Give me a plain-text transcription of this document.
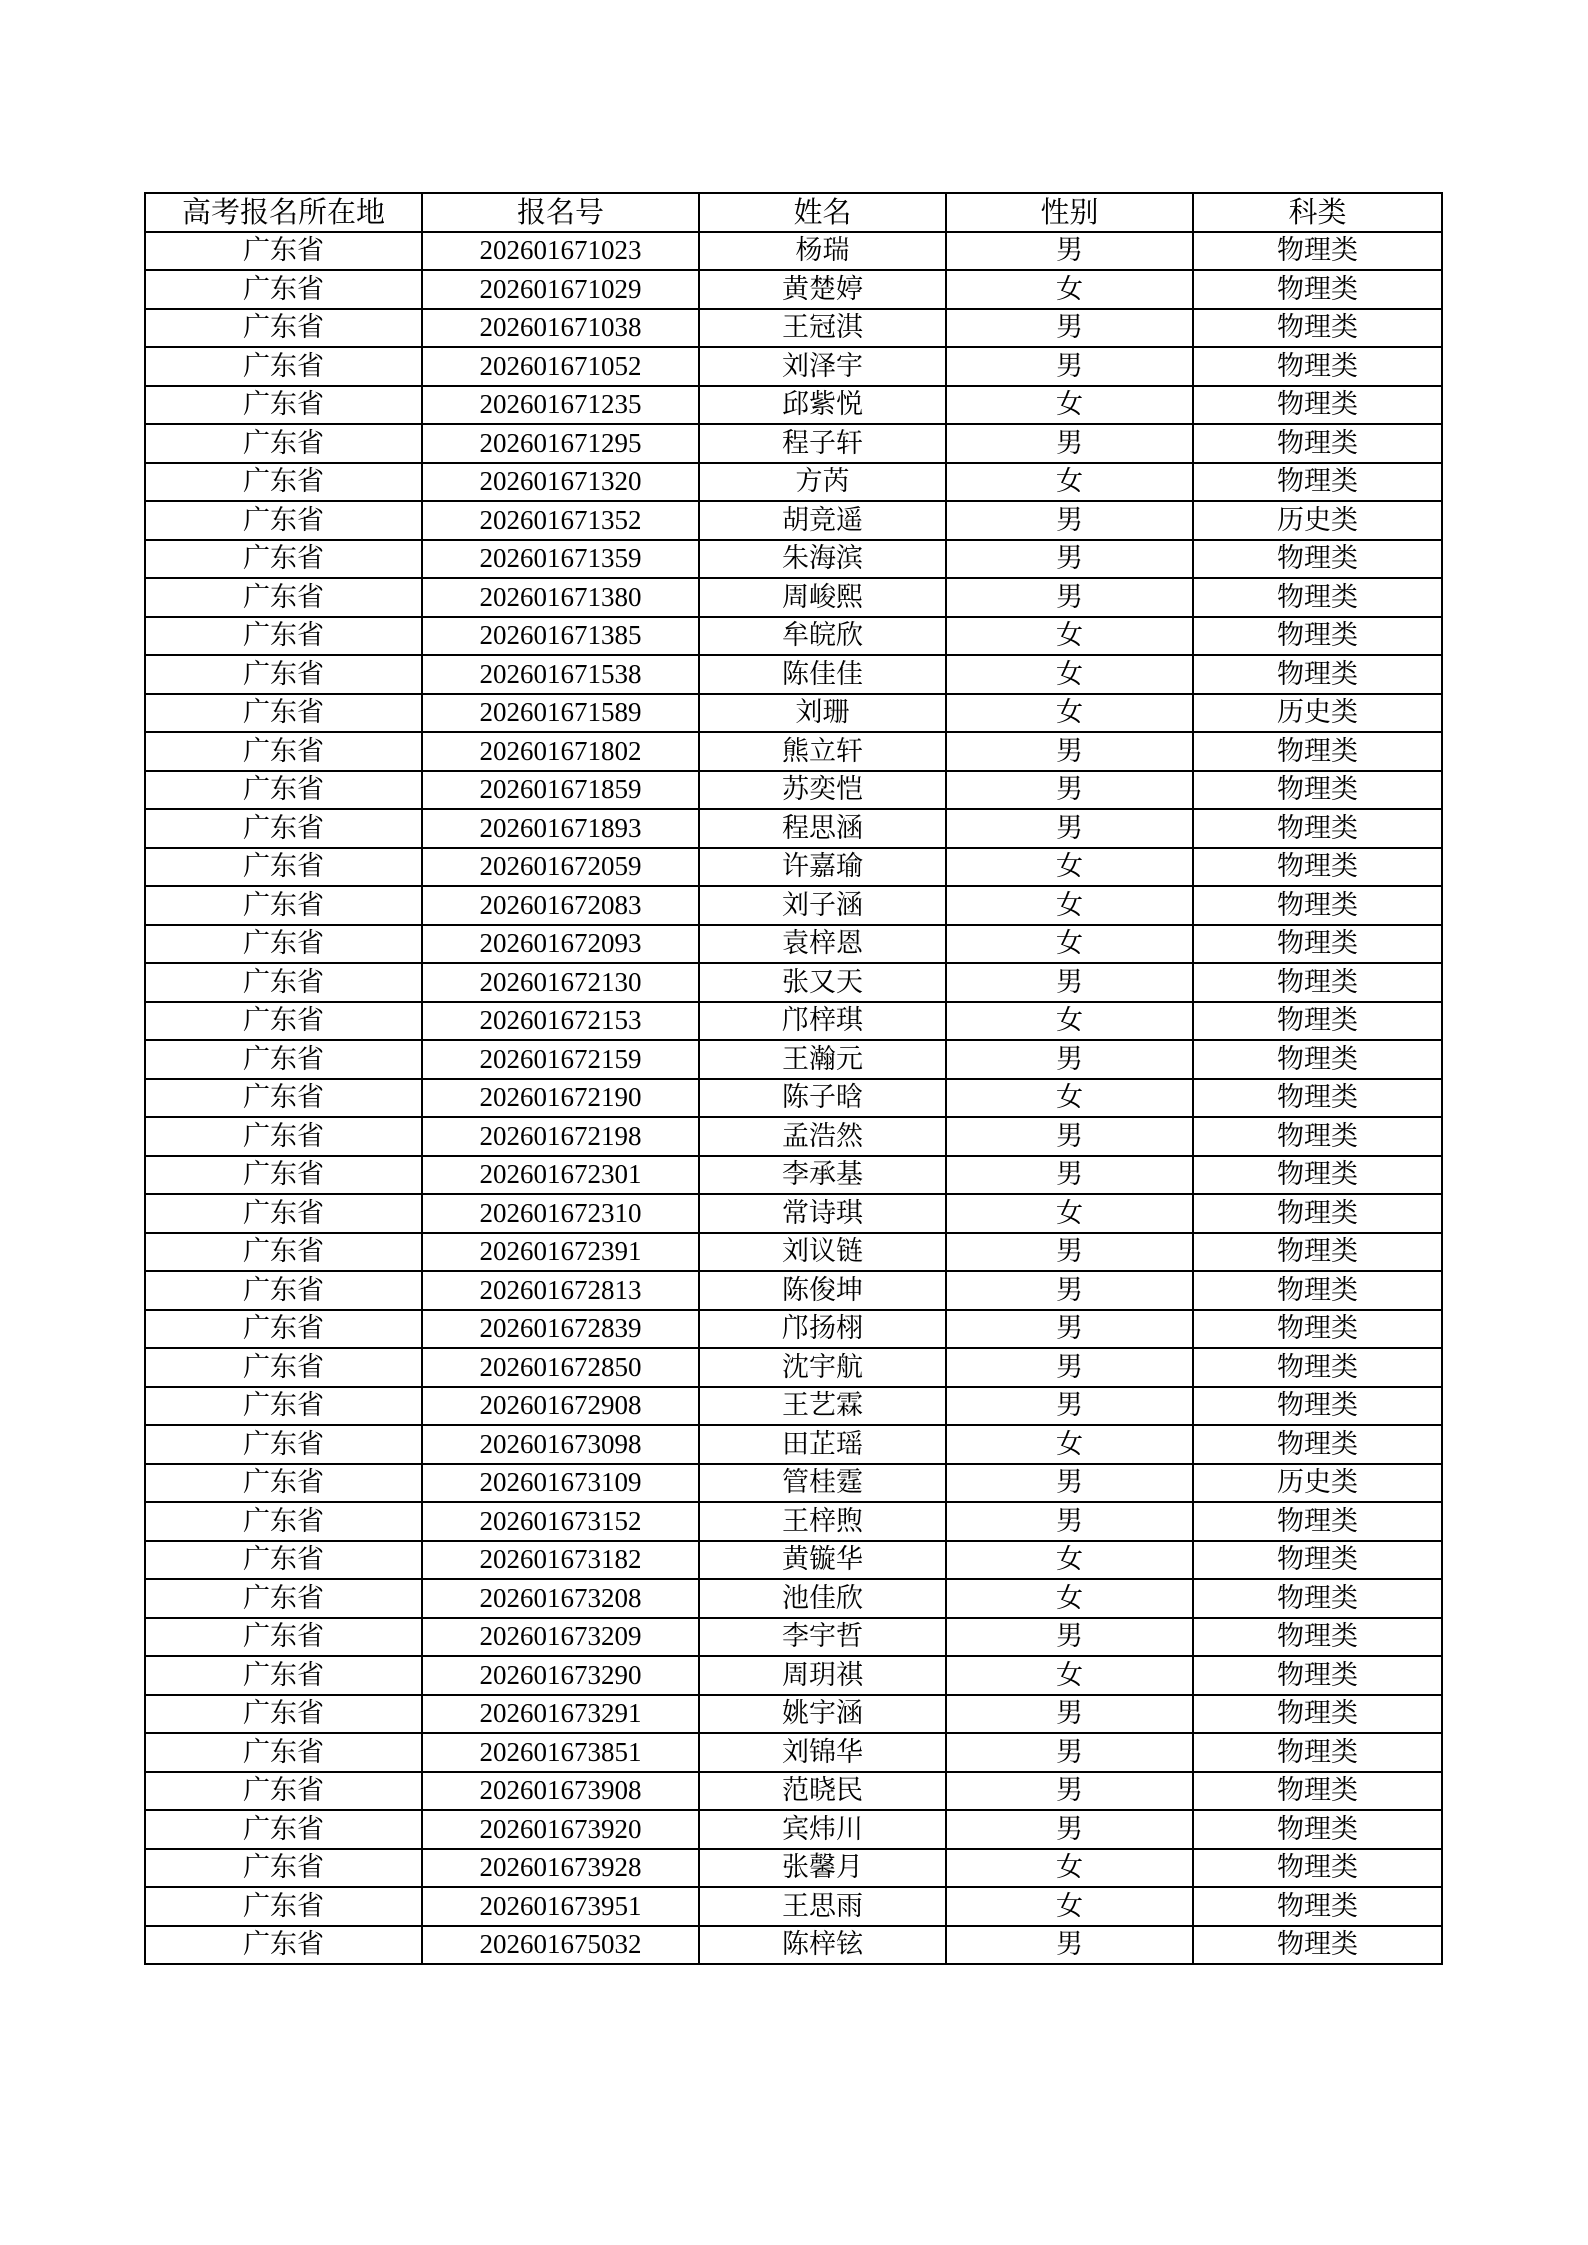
高考报名所在地	报名号	姓名	性别	科类
广东省	202601671023	杨瑞	男	物理类
广东省	202601671029	黄楚婷	女	物理类
广东省	202601671038	王冠淇	男	物理类
广东省	202601671052	刘泽宇	男	物理类
广东省	202601671235	邱紫悦	女	物理类
广东省	202601671295	程子轩	男	物理类
广东省	202601671320	方芮	女	物理类
广东省	202601671352	胡竞遥	男	历史类
广东省	202601671359	朱海滨	男	物理类
广东省	202601671380	周峻熙	男	物理类
广东省	202601671385	牟皖欣	女	物理类
广东省	202601671538	陈佳佳	女	物理类
广东省	202601671589	刘珊	女	历史类
广东省	202601671802	熊立轩	男	物理类
广东省	202601671859	苏奕恺	男	物理类
广东省	202601671893	程思涵	男	物理类
广东省	202601672059	许嘉瑜	女	物理类
广东省	202601672083	刘子涵	女	物理类
广东省	202601672093	袁梓恩	女	物理类
广东省	202601672130	张又天	男	物理类
广东省	202601672153	邝梓琪	女	物理类
广东省	202601672159	王瀚元	男	物理类
广东省	202601672190	陈子晗	女	物理类
广东省	202601672198	孟浩然	男	物理类
广东省	202601672301	李承基	男	物理类
广东省	202601672310	常诗琪	女	物理类
广东省	202601672391	刘议链	男	物理类
广东省	202601672813	陈俊坤	男	物理类
广东省	202601672839	邝扬栩	男	物理类
广东省	202601672850	沈宇航	男	物理类
广东省	202601672908	王艺霖	男	物理类
广东省	202601673098	田芷瑶	女	物理类
广东省	202601673109	管桂霆	男	历史类
广东省	202601673152	王梓煦	男	物理类
广东省	202601673182	黄镟华	女	物理类
广东省	202601673208	池佳欣	女	物理类
广东省	202601673209	李宇哲	男	物理类
广东省	202601673290	周玥祺	女	物理类
广东省	202601673291	姚宇涵	男	物理类
广东省	202601673851	刘锦华	男	物理类
广东省	202601673908	范晓民	男	物理类
广东省	202601673920	宾炜川	男	物理类
广东省	202601673928	张馨月	女	物理类
广东省	202601673951	王思雨	女	物理类
广东省	202601675032	陈梓铉	男	物理类
